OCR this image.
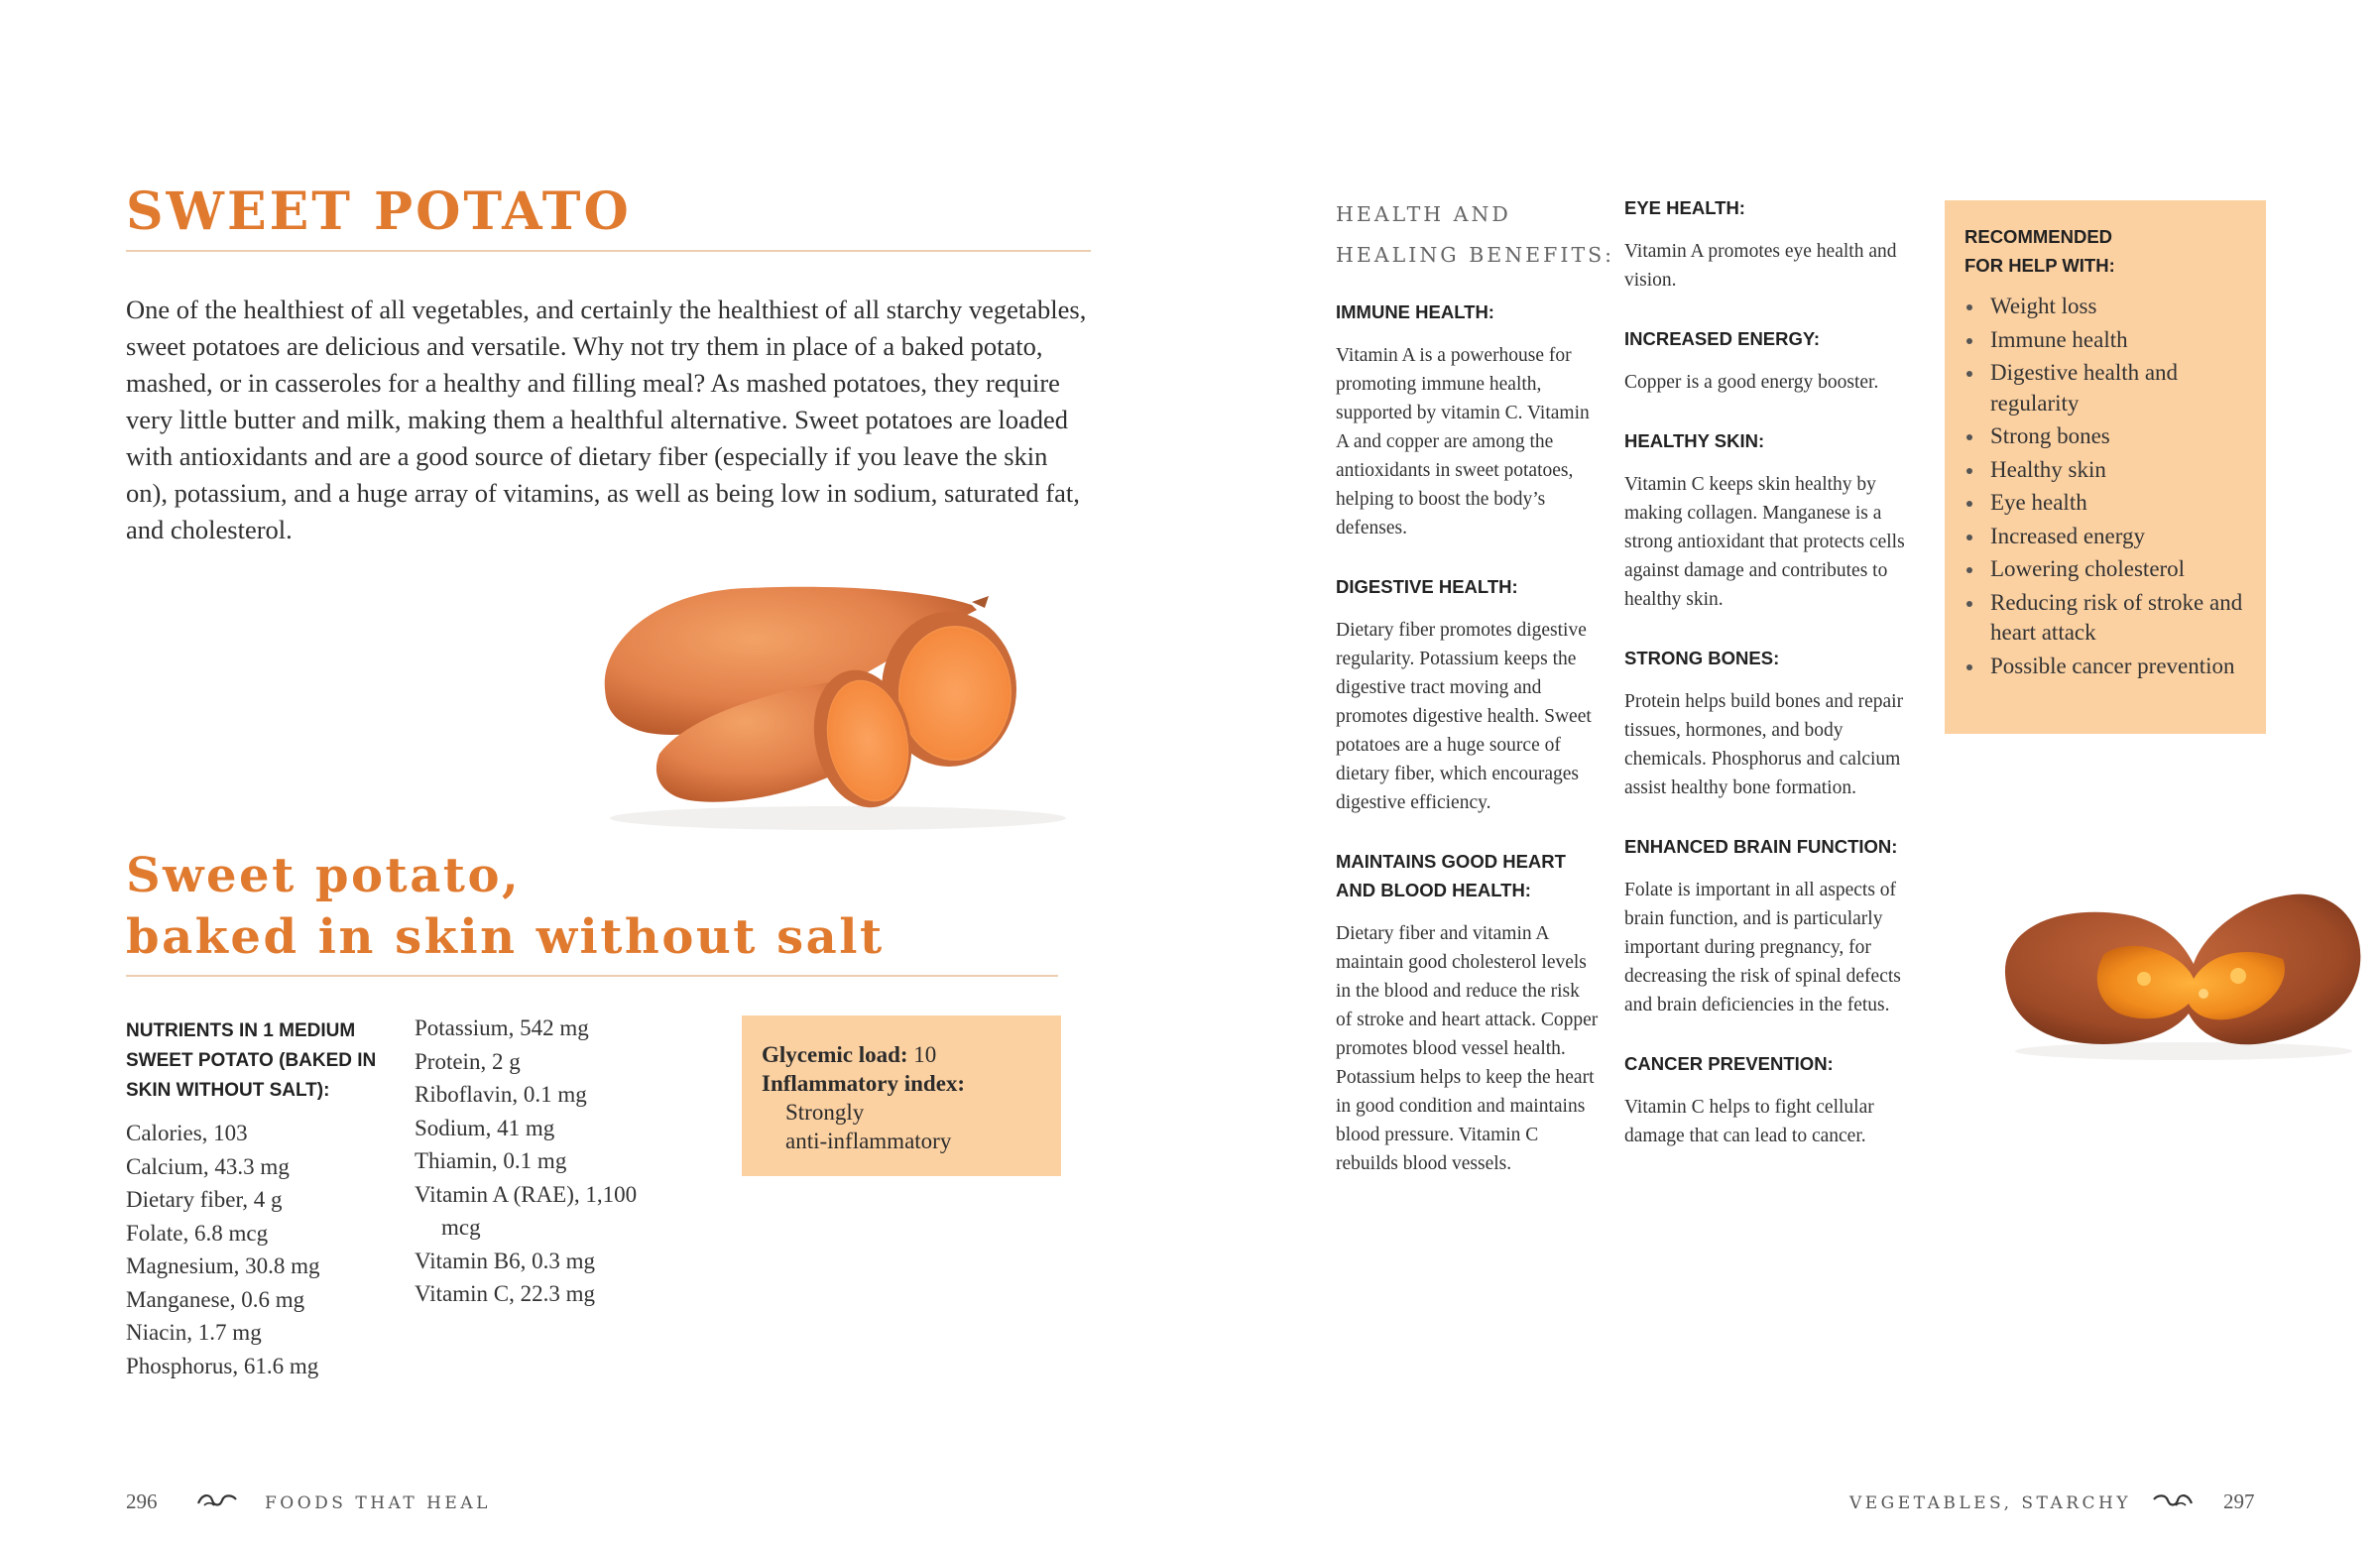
SWEET POTATO

One of the healthiest of all vegetables, and certainly the healthiest of all starchy vegetables, sweet potatoes are delicious and versatile. Why not try them in place of a baked potato, mashed, or in casseroles for a healthy and filling meal? As mashed potatoes, they require very little butter and milk, making them a healthful alternative. Sweet potatoes are loaded with antioxidants and are a good source of dietary fiber (especially if you leave the skin on), potassium, and a huge array of vitamins, as well as being low in sodium, saturated fat, and cholesterol.

Sweet potato,
baked in skin without salt
NUTRIENTS IN 1 MEDIUM SWEET POTATO (BAKED IN SKIN WITHOUT SALT):
Calories, 103
Calcium, 43.3 mg
Dietary fiber, 4 g
Folate, 6.8 mcg
Magnesium, 30.8 mg
Manganese, 0.6 mg
Niacin, 1.7 mg
Phosphorus, 61.6 mg
Potassium, 542 mg
Protein, 2 g
Riboflavin, 0.1 mg
Sodium, 41 mg
Thiamin, 0.1 mg
Vitamin A (RAE), 1,100 mcg
Vitamin B6, 0.3 mg
Vitamin C, 22.3 mg
Glycemic load: 10
Inflammatory index:
Strongly
anti-inflammatory
296	FOODS THAT HEAL
HEALTH AND
HEALING BENEFITS:
IMMUNE HEALTH:

Vitamin A is a powerhouse for promoting immune health, supported by vitamin C. Vitamin A and copper are among the antioxidants in sweet potatoes, helping to boost the body’s defenses.

DIGESTIVE HEALTH:

Dietary fiber promotes digestive regularity. Potassium keeps the digestive tract moving and promotes digestive health. Sweet potatoes are a huge source of dietary fiber, which encourages digestive efficiency.

MAINTAINS GOOD HEART AND BLOOD HEALTH:

Dietary fiber and vitamin A maintain good cholesterol levels in the blood and reduce the risk of stroke and heart attack. Copper promotes blood vessel health. Potassium helps to keep the heart in good condition and maintains blood pressure. Vitamin C rebuilds blood vessels.

EYE HEALTH:

Vitamin A promotes eye health and vision.

INCREASED ENERGY:

Copper is a good energy booster.

HEALTHY SKIN:

Vitamin C keeps skin healthy by making collagen. Manganese is a strong antioxidant that protects cells against damage and contributes to healthy skin.

STRONG BONES:

Protein helps build bones and repair tissues, hormones, and body chemicals. Phosphorus and calcium assist healthy bone formation.

ENHANCED BRAIN FUNCTION:

Folate is important in all aspects of brain function, and is particularly important during pregnancy, for decreasing the risk of spinal defects and brain deficiencies in the fetus.

CANCER PREVENTION:

Vitamin C helps to fight cellular damage that can lead to cancer.

RECOMMENDED
FOR HELP WITH:
Weight loss
Immune health
Digestive health and regularity
Strong bones
Healthy skin
Eye health
Increased energy
Lowering cholesterol
Reducing risk of stroke and heart attack
Possible cancer prevention
VEGETABLES, STARCHY	297
